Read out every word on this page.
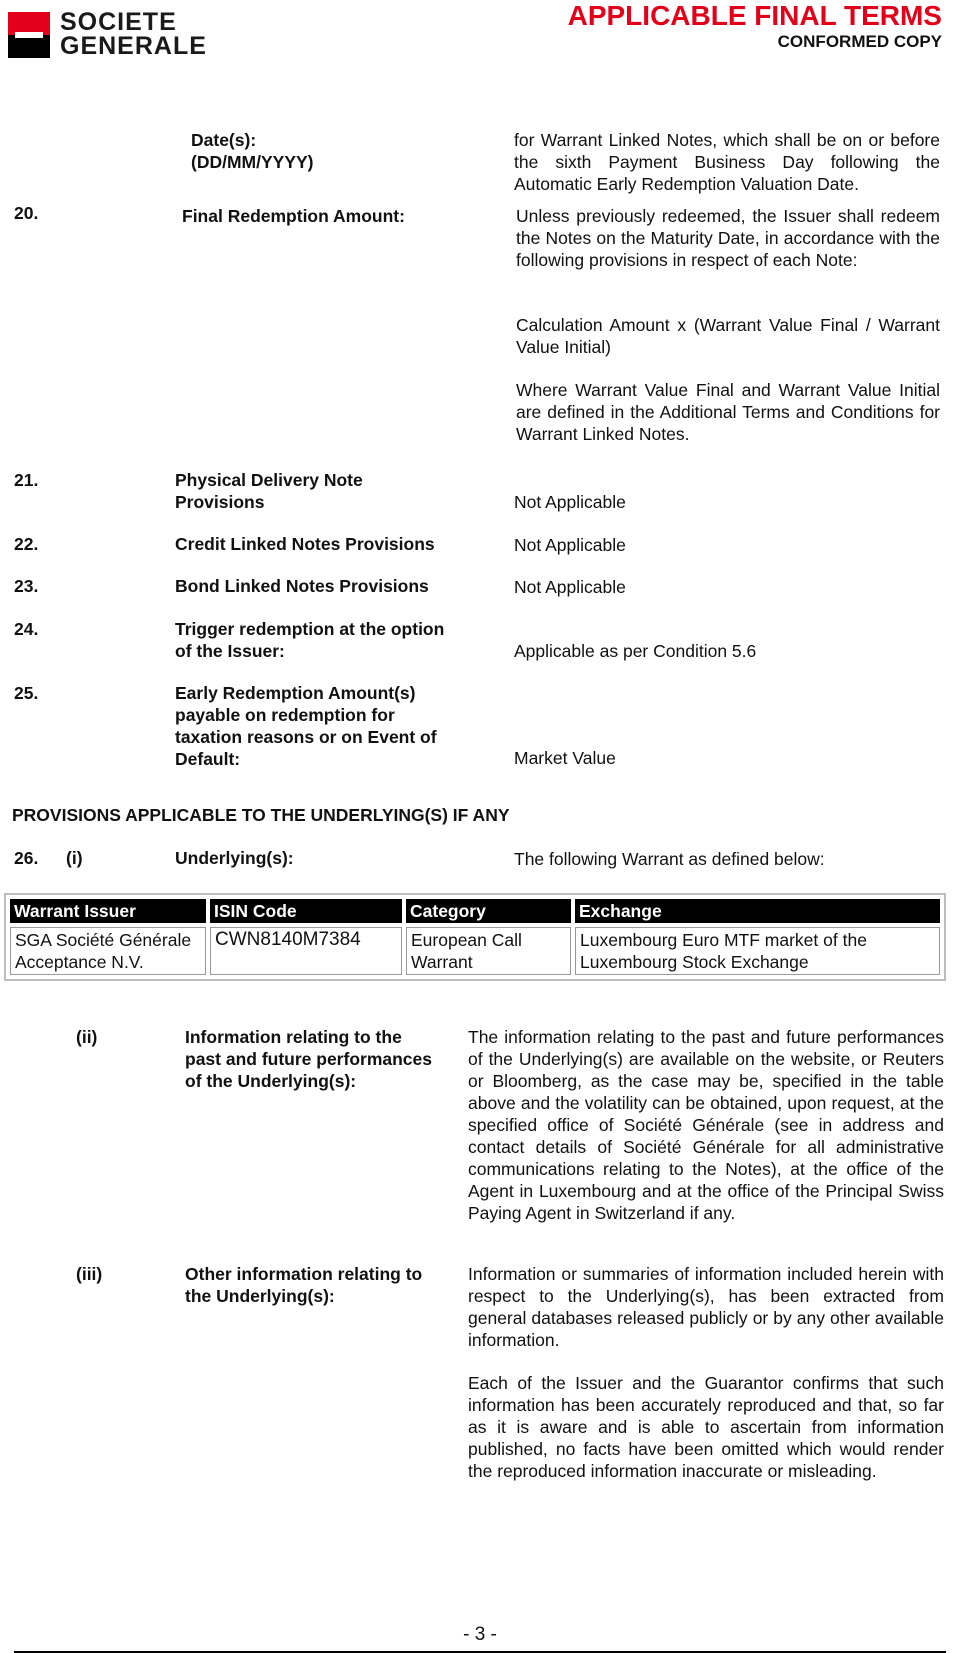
SOCIETE
GENERALE
APPLICABLE FINAL TERMS
CONFORMED COPY
Date(s):
(DD/MM/YYYY)
for Warrant Linked Notes, which shall be on or before the sixth Payment Business Day following the Automatic Early Redemption Valuation Date.
20.	Final Redemption Amount:	Unless previously redeemed, the Issuer shall redeem the Notes on the Maturity Date, in accordance with the following provisions in respect of each Note:
Calculation Amount x (Warrant Value Final / Warrant Value Initial)
Where Warrant Value Final and Warrant Value Initial are defined in the Additional Terms and Conditions for Warrant Linked Notes.
21.	Physical Delivery Note
Provisions	Not Applicable
22.	Credit Linked Notes Provisions	Not Applicable
23.	Bond Linked Notes Provisions	Not Applicable
24.	Trigger redemption at the option
of the Issuer:	Applicable as per Condition 5.6
25.	Early Redemption Amount(s)
payable on redemption for
taxation reasons or on Event of
Default:	Market Value
PROVISIONS APPLICABLE TO THE UNDERLYING(S) IF ANY
26. (i)	Underlying(s):	The following Warrant as defined below:
Warrant Issuer	ISIN Code	Category	Exchange
SGA Société Générale Acceptance N.V.	CWN8140M7384	European Call Warrant	Luxembourg Euro MTF market of the Luxembourg Stock Exchange
(ii)	Information relating to the past and future performances of the Underlying(s):
The information relating to the past and future performances of the Underlying(s) are available on the website, or Reuters or Bloomberg, as the case may be, specified in the table above and the volatility can be obtained, upon request, at the specified office of Société Générale (see in address and contact details of Société Générale for all administrative communications relating to the Notes), at the office of the Agent in Luxembourg and at the office of the Principal Swiss Paying Agent in Switzerland if any.
(iii)	Other information relating to the Underlying(s):
Information or summaries of information included herein with respect to the Underlying(s), has been extracted from general databases released publicly or by any other available information.
Each of the Issuer and the Guarantor confirms that such information has been accurately reproduced and that, so far as it is aware and is able to ascertain from information published, no facts have been omitted which would render the reproduced information inaccurate or misleading.
- 3 -
